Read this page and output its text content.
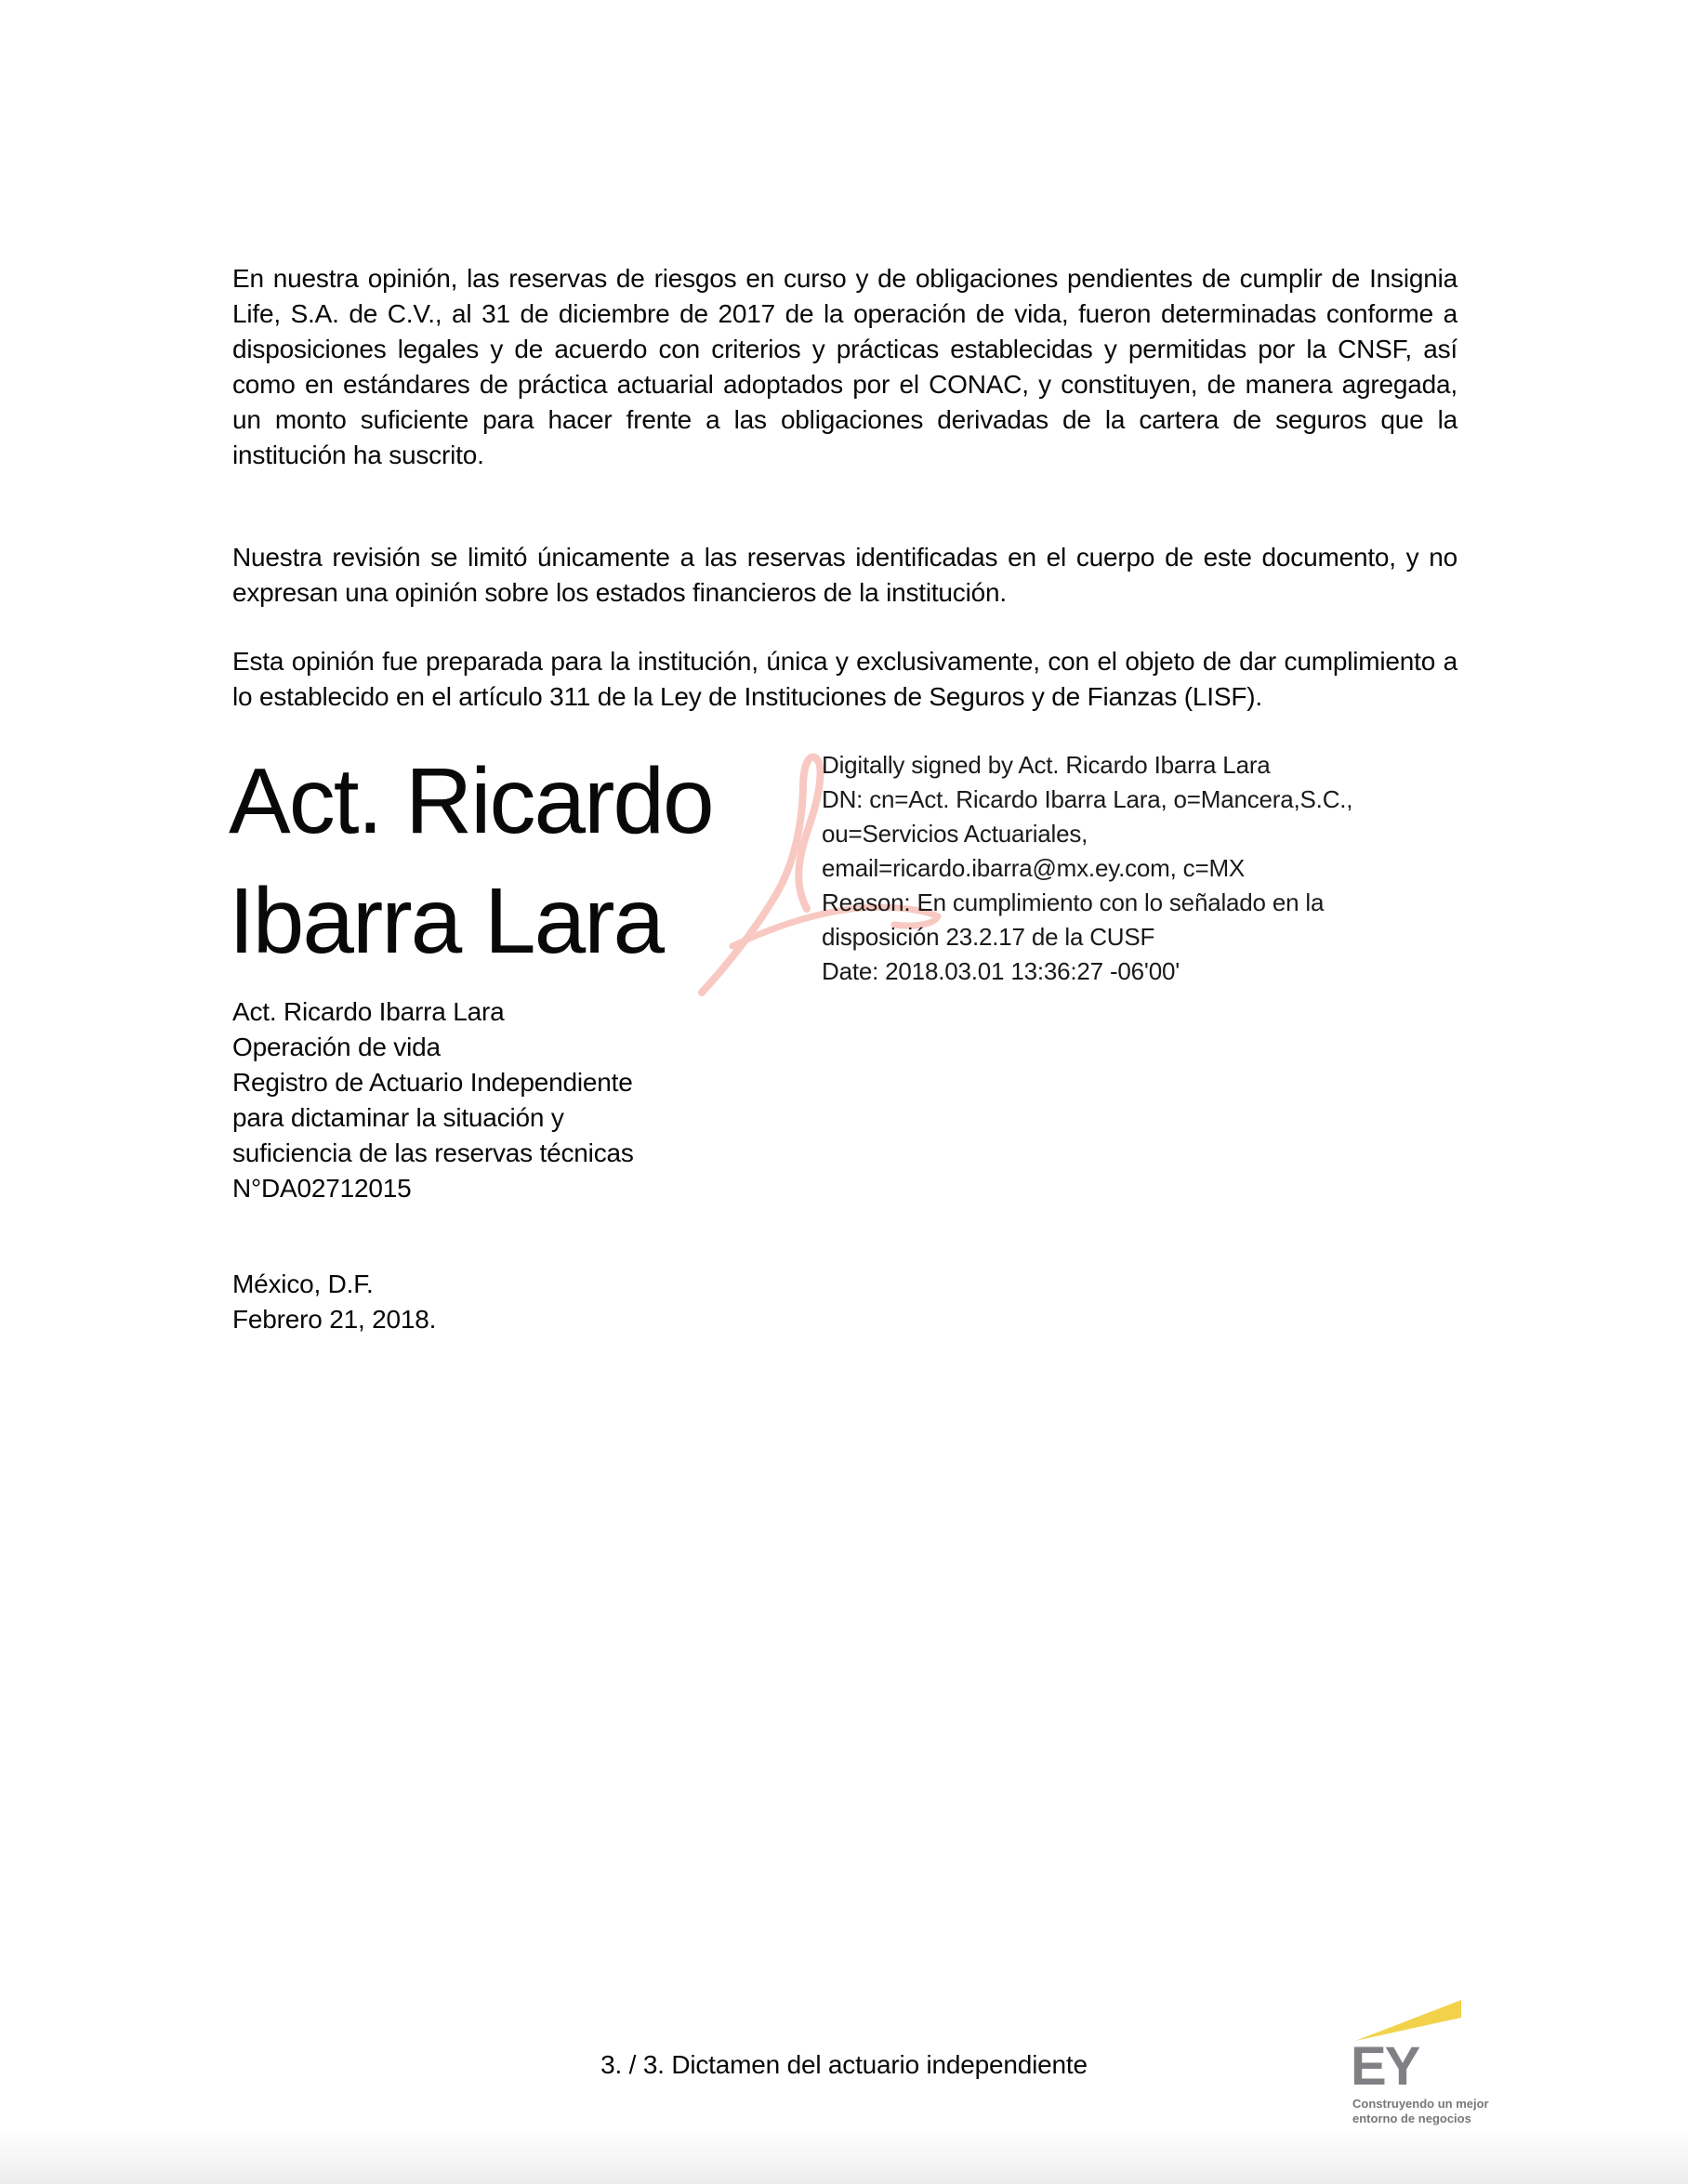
En nuestra opinión, las reservas de riesgos en curso y de obligaciones pendientes de cumplir de Insignia Life, S.A. de C.V., al 31 de diciembre de 2017 de la operación de vida, fueron determinadas conforme a disposiciones legales y de acuerdo con criterios y prácticas establecidas y permitidas por la CNSF, así como en estándares de práctica actuarial adoptados por el CONAC, y constituyen, de manera agregada, un monto suficiente para hacer frente a las obligaciones derivadas de la cartera de seguros que la institución ha suscrito.
Nuestra revisión se limitó únicamente a las reservas identificadas en el cuerpo de este documento, y no expresan una opinión sobre los estados financieros de la institución.
Esta opinión fue preparada para la institución, única y exclusivamente, con el objeto de dar cumplimiento a lo establecido en el artículo 311 de la Ley de Instituciones de Seguros y de Fianzas (LISF).
Act. Ricardo Ibarra Lara
Digitally signed by Act. Ricardo Ibarra Lara
DN: cn=Act. Ricardo Ibarra Lara, o=Mancera,S.C.,
ou=Servicios Actuariales,
email=ricardo.ibarra@mx.ey.com, c=MX
Reason: En cumplimiento con lo señalado en la
disposición 23.2.17 de la CUSF
Date: 2018.03.01 13:36:27 -06'00'
Act. Ricardo Ibarra Lara
Operación de vida
Registro de Actuario Independiente
para dictaminar la situación y
suficiencia de las reservas técnicas
N°DA02712015
México, D.F.
Febrero 21, 2018.
3. / 3. Dictamen del actuario independiente	EY
Construyendo un mejor
entorno de negocios
